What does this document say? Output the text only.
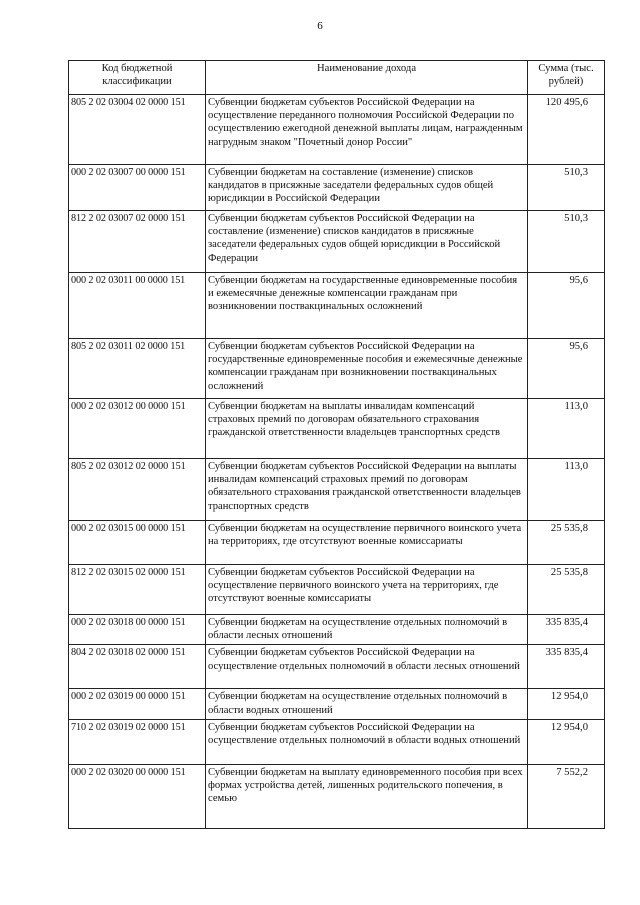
6
Код бюджетной классификации	Наименование дохода	Сумма (тыс. рублей)
805 2 02 03004 02 0000 151	Субвенции бюджетам субъектов Российской Федерации на осуществление переданного полномочия Российской Федерации по осуществлению ежегодной денежной выплаты лицам, награжденным нагрудным знаком "Почетный донор России"	120 495,6
000 2 02 03007 00 0000 151	Субвенции бюджетам на составление (изменение) списков кандидатов в присяжные заседатели федеральных судов общей юрисдикции в Российской Федерации	510,3
812 2 02 03007 02 0000 151	Субвенции бюджетам субъектов Российской Федерации на составление (изменение) списков кандидатов в присяжные заседатели федеральных судов общей юрисдикции в Российской Федерации	510,3
000 2 02 03011 00 0000 151	Субвенции бюджетам на государственные единовременные пособия и ежемесячные денежные компенсации гражданам при возникновении поствакцинальных осложнений	95,6
805 2 02 03011 02 0000 151	Субвенции бюджетам субъектов Российской Федерации на государственные единовременные пособия и ежемесячные денежные компенсации гражданам при возникновении поствакцинальных осложнений	95,6
000 2 02 03012 00 0000 151	Субвенции бюджетам на выплаты инвалидам компенсаций страховых премий по договорам обязательного страхования гражданской ответственности владельцев транспортных средств	113,0
805 2 02 03012 02 0000 151	Субвенции бюджетам субъектов Российской Федерации на выплаты инвалидам компенсаций страховых премий по договорам обязательного страхования гражданской ответственности владельцев транспортных средств	113,0
000 2 02 03015 00 0000 151	Субвенции бюджетам на осуществление первичного воинского учета на территориях, где отсутствуют военные комиссариаты	25 535,8
812 2 02 03015 02 0000 151	Субвенции бюджетам субъектов Российской Федерации на осуществление первичного воинского учета на территориях, где отсутствуют военные комиссариаты	25 535,8
000 2 02 03018 00 0000 151	Субвенции бюджетам на осуществление отдельных полномочий в области лесных отношений	335 835,4
804 2 02 03018 02 0000 151	Субвенции бюджетам субъектов Российской Федерации на осуществление отдельных полномочий в области лесных отношений	335 835,4
000 2 02 03019 00 0000 151	Субвенции бюджетам на осуществление отдельных полномочий в области водных отношений	12 954,0
710 2 02 03019 02 0000 151	Субвенции бюджетам субъектов Российской Федерации на осуществление отдельных полномочий в области водных отношений	12 954,0
000 2 02 03020 00 0000 151	Субвенции бюджетам на выплату единовременного пособия при всех формах устройства детей, лишенных родительского попечения, в семью	7 552,2
